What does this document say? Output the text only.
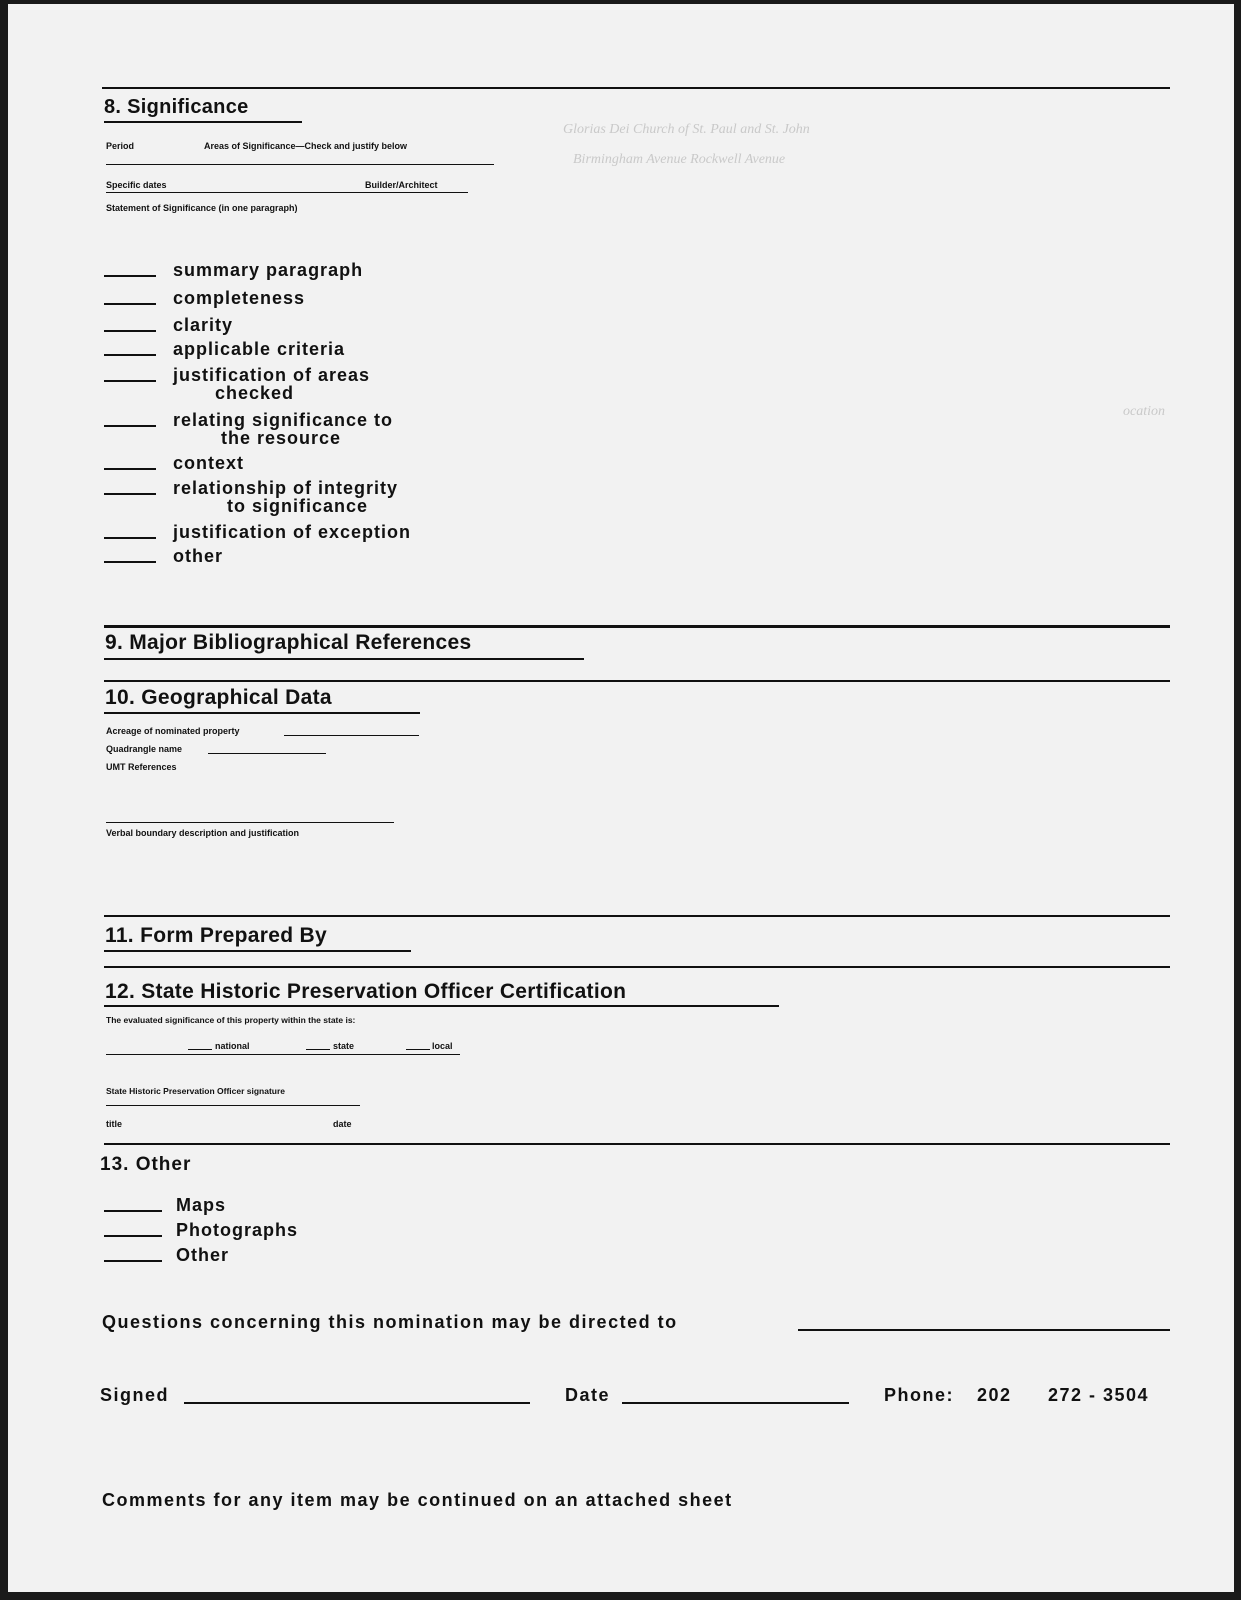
Glorias Dei Church of St. Paul and St. John
Birmingham Avenue Rockwell Avenue
ocation
8. Significance
Period	Areas of Significance—Check and justify below
Specific dates	Builder/Architect
Statement of Significance (in one paragraph)
summary paragraph
completeness
clarity
applicable criteria
justification of areas
checked
relating significance to
the resource
context
relationship of integrity
to significance
justification of exception
other
9. Major Bibliographical References
10. Geographical Data
Acreage of nominated property
Quadrangle name
UMT References
Verbal boundary description and justification
11. Form Prepared By
12. State Historic Preservation Officer Certification
The evaluated significance of this property within the state is:
national	state	local
State Historic Preservation Officer signature
title	date
13. Other
Maps
Photographs
Other
Questions concerning this nomination may be directed to
Signed	Date	Phone: 202 272 - 3504
Comments for any item may be continued on an attached sheet
